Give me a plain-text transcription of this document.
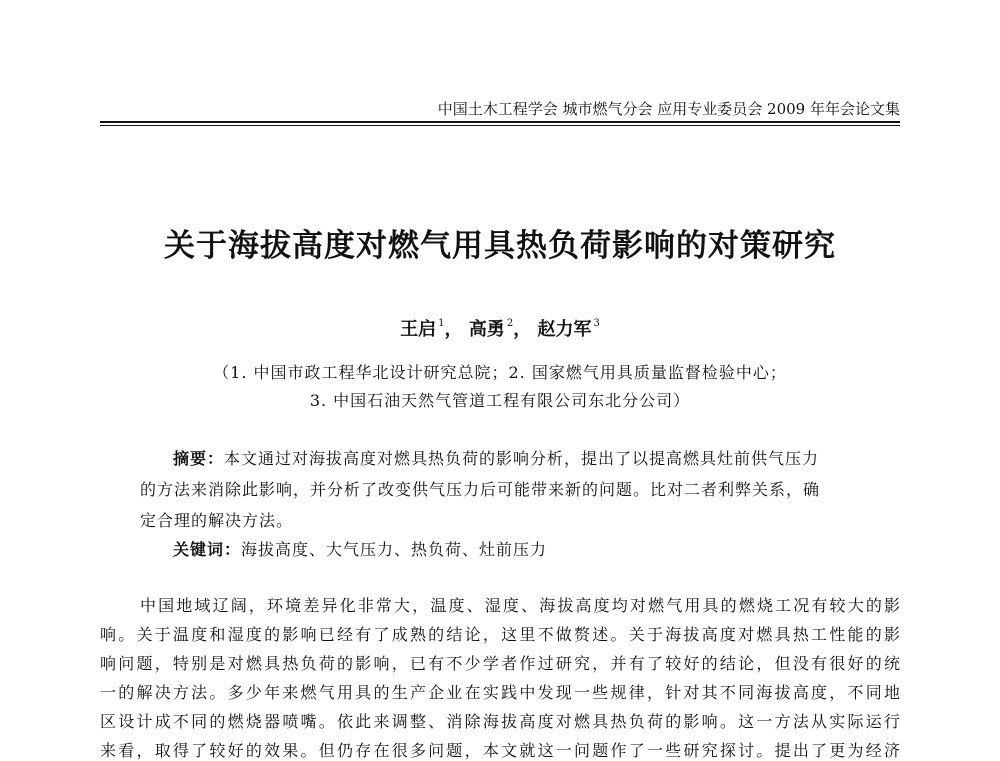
中国土木工程学会 城市燃气分会 应用专业委员会 2009 年年会论文集
关于海拔高度对燃气用具热负荷影响的对策研究
王启 $^1$， 高勇 $^2$， 赵力军 $^3$
（1. 中国市政工程华北设计研究总院；2. 国家燃气用具质量监督检验中心；
3. 中国石油天然气管道工程有限公司东北分公司）
摘要：本文通过对海拔高度对燃具热负荷的影响分析，提出了以提高燃具灶前供气压力
的方法来消除此影响，并分析了改变供气压力后可能带来新的问题。比对二者利弊关系，确
定合理的解决方法。
关键词：海拔高度、大气压力、热负荷、灶前压力
中国地域辽阔，环境差异化非常大，温度、湿度、海拔高度均对燃气用具的燃烧工况有较大的影
响。关于温度和湿度的影响已经有了成熟的结论，这里不做赘述。关于海拔高度对燃具热工性能的影
响问题，特别是对燃具热负荷的影响，已有不少学者作过研究，并有了较好的结论，但没有很好的统
一的解决方法。多少年来燃气用具的生产企业在实践中发现一些规律，针对其不同海拔高度，不同地
区设计成不同的燃烧器喷嘴。依此来调整、消除海拔高度对燃具热负荷的影响。这一方法从实际运行
来看，取得了较好的效果。但仍存在很多问题，本文就这一问题作了一些研究探讨。提出了更为经济
